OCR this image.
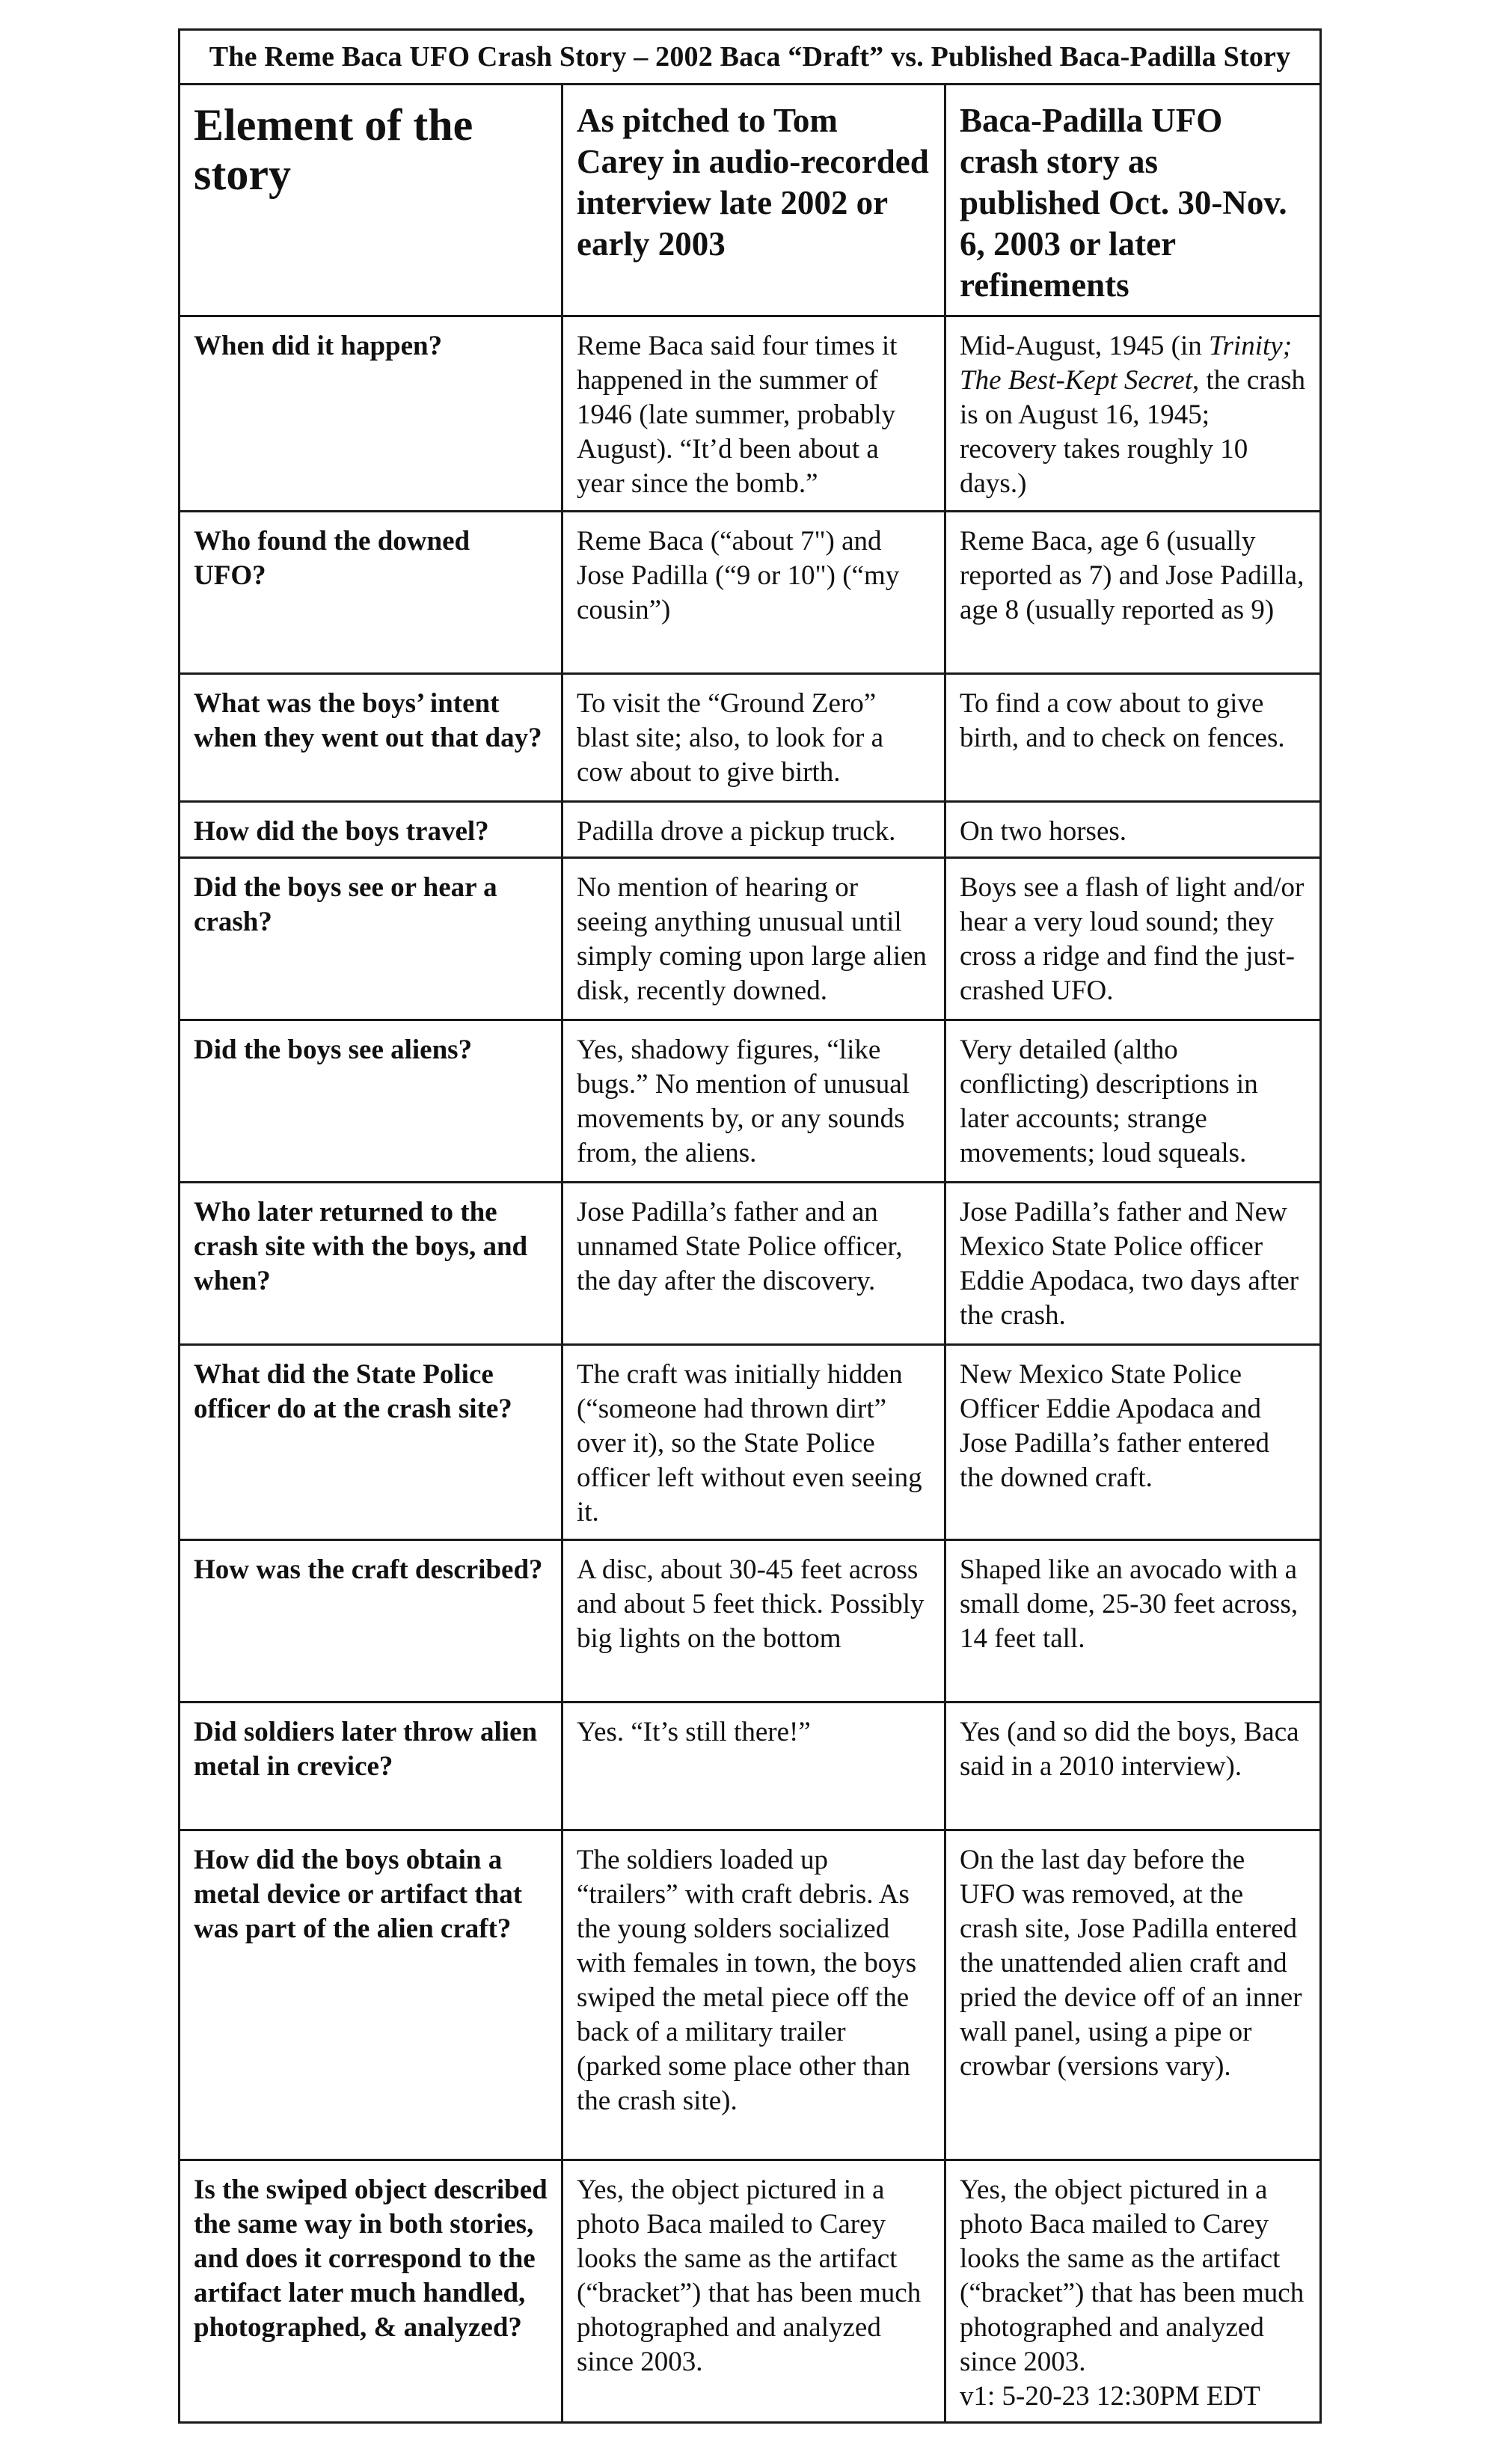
The Reme Baca UFO Crash Story – 2002 Baca “Draft” vs. Published Baca-Padilla Story		
Element of the story	As pitched to Tom Carey in audio-recorded interview late 2002 or early 2003	Baca-Padilla UFO crash story as published Oct. 30-Nov. 6, 2003 or later refinements
When did it happen?	Reme Baca said four times it happened in the summer of 1946 (late summer, probably August). “It’d been about a year since the bomb.”	Mid-August, 1945 (in Trinity; The Best-Kept Secret, the crash is on August 16, 1945; recovery takes roughly 10 days.)
Who found the downed UFO?	Reme Baca (“about 7") and Jose Padilla (“9 or 10") (“my cousin”)	Reme Baca, age 6 (usually reported as 7) and Jose Padilla, age 8 (usually reported as 9)
What was the boys’ intent when they went out that day?	To visit the “Ground Zero” blast site; also, to look for a cow about to give birth.	To find a cow about to give birth, and to check on fences.
How did the boys travel?	Padilla drove a pickup truck.	On two horses.
Did the boys see or hear a crash?	No mention of hearing or seeing anything unusual until simply coming upon large alien disk, recently downed.	Boys see a flash of light and/or hear a very loud sound; they cross a ridge and find the just-crashed UFO.
Did the boys see aliens?	Yes, shadowy figures, “like bugs.” No mention of unusual movements by, or any sounds from, the aliens.	Very detailed (altho conflicting) descriptions in later accounts; strange movements; loud squeals.
Who later returned to the crash site with the boys, and when?	Jose Padilla’s father and an unnamed State Police officer, the day after the discovery.	Jose Padilla’s father and New Mexico State Police officer Eddie Apodaca, two days after the crash.
What did the State Police officer do at the crash site?	The craft was initially hidden (“someone had thrown dirt” over it), so the State Police officer left without even seeing it.	New Mexico State Police Officer Eddie Apodaca and Jose Padilla’s father entered the downed craft.
How was the craft described?	A disc, about 30-45 feet across and about 5 feet thick. Possibly big lights on the bottom	Shaped like an avocado with a small dome, 25-30 feet across, 14 feet tall.
Did soldiers later throw alien metal in crevice?	Yes. “It’s still there!”	Yes (and so did the boys, Baca said in a 2010 interview).
How did the boys obtain a metal device or artifact that was part of the alien craft?	The soldiers loaded up “trailers” with craft debris. As the young solders socialized with females in town, the boys swiped the metal piece off the back of a military trailer (parked some place other than the crash site).	On the last day before the UFO was removed, at the crash site, Jose Padilla entered the unattended alien craft and pried the device off of an inner wall panel, using a pipe or crowbar (versions vary).
Is the swiped object described the same way in both stories, and does it correspond to the artifact later much handled, photographed, & analyzed?	Yes, the object pictured in a photo Baca mailed to Carey looks the same as the artifact (“bracket”) that has been much photographed and analyzed since 2003.	Yes, the object pictured in a photo Baca mailed to Carey looks the same as the artifact (“bracket”) that has been much photographed and analyzed since 2003.
v1: 5-20-23 12:30PM EDT
